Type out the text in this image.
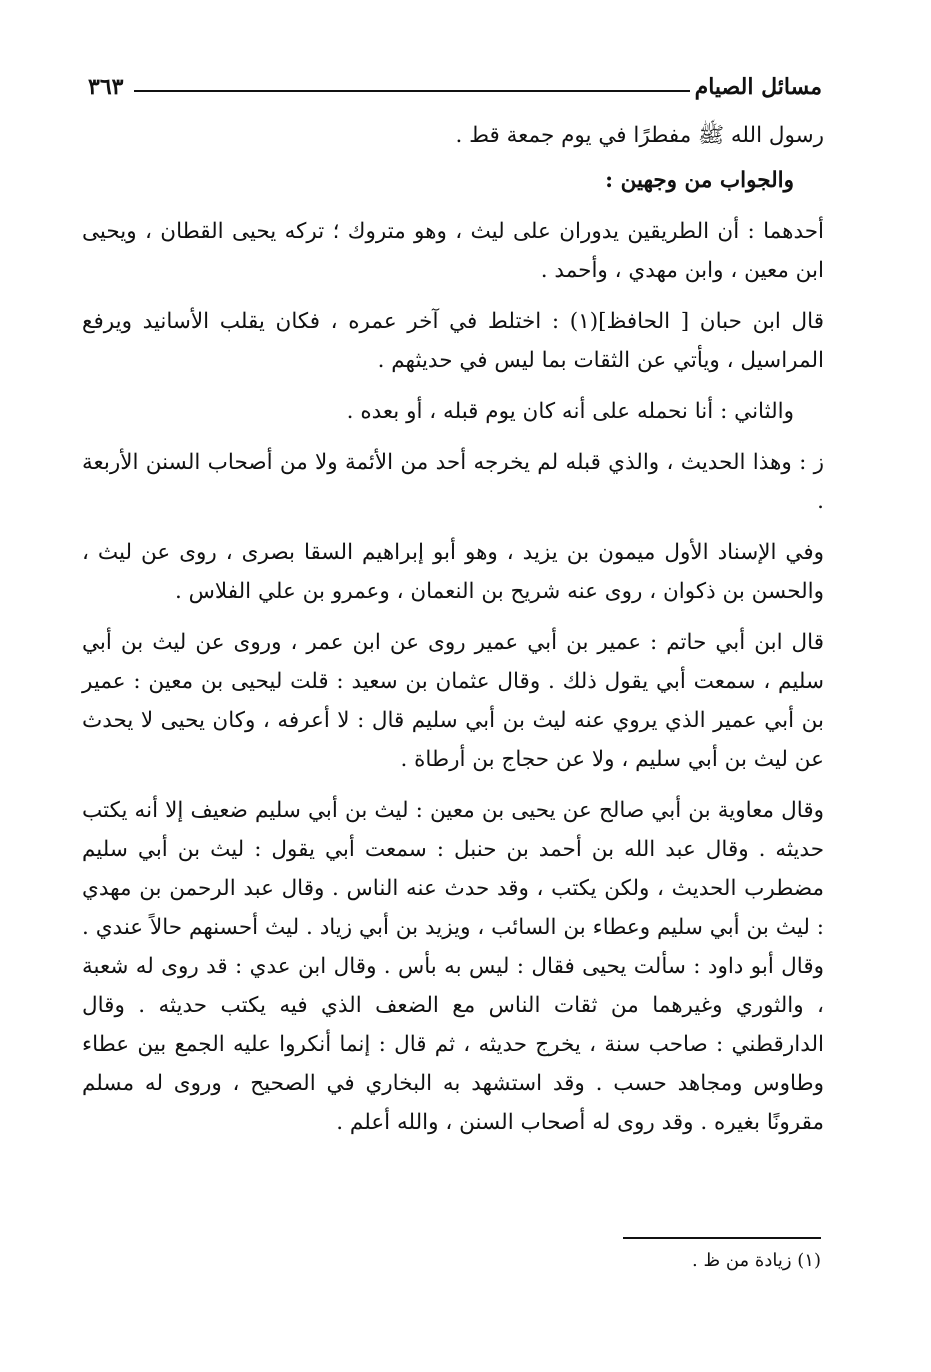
٣٦٣	مسائل الصيام

رسول الله ﷺ مفطرًا في يوم جمعة قط .

والجواب من وجهين :

أحدهما : أن الطريقين يدوران على ليث ، وهو متروك ؛ تركه يحيى القطان ، ويحيى ابن معين ، وابن مهدي ، وأحمد .

قال ابن حبان [ الحافظ](١) : اختلط في آخر عمره ، فكان يقلب الأسانيد ويرفع المراسيل ، ويأتي عن الثقات بما ليس في حديثهم .

والثاني : أنا نحمله على أنه كان يوم قبله ، أو بعده .

ز : وهذا الحديث ، والذي قبله لم يخرجه أحد من الأئمة ولا من أصحاب السنن الأربعة .

وفي الإسناد الأول ميمون بن يزيد ، وهو أبو إبراهيم السقا بصرى ، روى عن ليث ، والحسن بن ذكوان ، روى عنه شريح بن النعمان ، وعمرو بن علي الفلاس .

قال ابن أبي حاتم : عمير بن أبي عمير روى عن ابن عمر ، وروى عن ليث بن أبي سليم ، سمعت أبي يقول ذلك . وقال عثمان بن سعيد : قلت ليحيى بن معين : عمير بن أبي عمير الذي يروي عنه ليث بن أبي سليم قال : لا أعرفه ، وكان يحيى لا يحدث عن ليث بن أبي سليم ، ولا عن حجاج بن أرطاة .

وقال معاوية بن أبي صالح عن يحيى بن معين : ليث بن أبي سليم ضعيف إلا أنه يكتب حديثه . وقال عبد الله بن أحمد بن حنبل : سمعت أبي يقول : ليث بن أبي سليم مضطرب الحديث ، ولكن يكتب ، وقد حدث عنه الناس . وقال عبد الرحمن بن مهدي : ليث بن أبي سليم وعطاء بن السائب ، ويزيد بن أبي زياد . ليث أحسنهم حالاً عندي . وقال أبو داود : سألت يحيى فقال : ليس به بأس . وقال ابن عدي : قد روى له شعبة ، والثوري وغيرهما من ثقات الناس مع الضعف الذي فيه يكتب حديثه . وقال الدارقطني : صاحب سنة ، يخرج حديثه ، ثم قال : إنما أنكروا عليه الجمع بين عطاء وطاوس ومجاهد حسب . وقد استشهد به البخاري في الصحيح ، وروى له مسلم مقرونًا بغيره . وقد روى له أصحاب السنن ، والله أعلم .

(١) زيادة من ظ .
